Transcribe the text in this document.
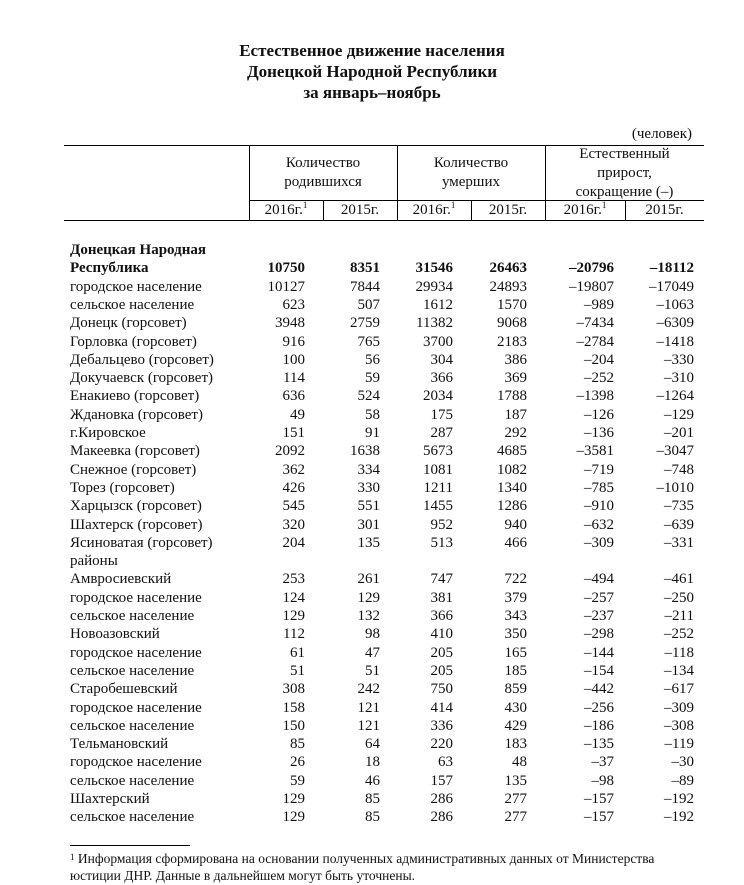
Естественное движение населения
Донецкой Народной Республики
за январь–ноябрь
(человек)
Количество
родившихся
Количество
умерших
Естественный
прирост,
сокращение (–)
2016г.$^1$	2015г.	2016г.$^1$	2015г.	2016г.$^1$	2015г.
Донецкая Народная
Республика	10750	8351 31546 26463	–20796 –18112
городское население	10127	7844 29934 24893	–19807 –17049
сельское население	623	507	1612	1570	–989	–1063
Донецк (горсовет)	3948	2759 11382	9068	–7434	–6309
Горловка (горсовет)	916	765	3700	2183	–2784	–1418
Дебальцево (горсовет)	100	56	304	386	–204	–330
Докучаевск (горсовет)	114	59	366	369	–252	–310
Енакиево (горсовет)	636	524	2034	1788	–1398	–1264
Ждановка (горсовет)	49	58	175	187	–126	–129
г.Кировское	151	91	287	292	–136	–201
Макеевка (горсовет)	2092	1638	5673	4685	–3581	–3047
Снежное (горсовет)	362	334	1081	1082	–719	–748
Торез (горсовет)	426	330	1211	1340	–785	–1010
Харцызск (горсовет)	545	551	1455	1286	–910	–735
Шахтерск (горсовет)	320	301	952	940	–632	–639
Ясиноватая (горсовет)	204	135	513	466	–309	–331
районы
Амвросиевский	253	261	747	722	–494	–461
городское население	124	129	381	379	–257	–250
сельское население	129	132	366	343	–237	–211
Новоазовский	112	98	410	350	–298	–252
городское население	61	47	205	165	–144	–118
сельское население	51	51	205	185	–154	–134
Старобешевский	308	242	750	859	–442	–617
городское население	158	121	414	430	–256	–309
сельское население	150	121	336	429	–186	–308
Тельмановский	85	64	220	183	–135	–119
городское население	26	18	63	48	–37	–30
сельское население	59	46	157	135	–98	–89
Шахтерский	129	85	286	277	–157	–192
сельское население	129	85	286	277	–157	–192
$^1$ Информация сформирована на основании полученных административных данных от Министерства
юстиции ДНР. Данные в дальнейшем могут быть уточнены.
